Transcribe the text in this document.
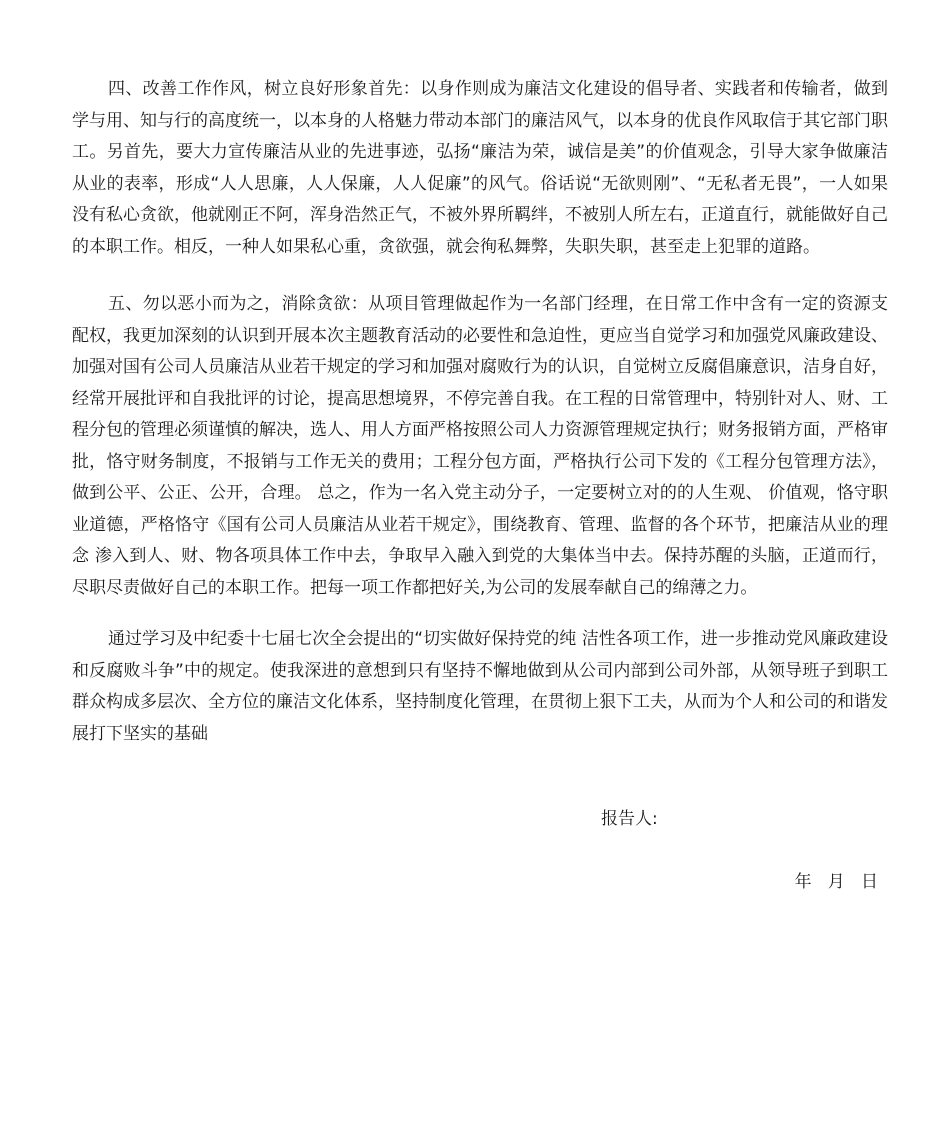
四、改善工作作风，树立良好形象首先：以身作则成为廉洁文化建设的倡导者、实践者和传输者，做到学与用、知与行的高度统一，以本身的人格魅力带动本部门的廉洁风气，以本身的优良作风取信于其它部门职工。另首先，要大力宣传廉洁从业的先进事迹，弘扬“廉洁为荣，诚信是美”的价值观念，引导大家争做廉洁从业的表率，形成“人人思廉，人人保廉，人人促廉”的风气。俗话说“无欲则刚”、“无私者无畏”，一人如果没有私心贪欲，他就刚正不阿，浑身浩然正气，不被外界所羁绊，不被别人所左右，正道直行，就能做好自己的本职工作。相反，一种人如果私心重，贪欲强，就会徇私舞弊，失职失职，甚至走上犯罪的道路。

五、勿以恶小而为之，消除贪欲：从项目管理做起作为一名部门经理，在日常工作中含有一定的资源支配权，我更加深刻的认识到开展本次主题教育活动的必要性和急迫性，更应当自觉学习和加强党风廉政建设、加强对国有公司人员廉洁从业若干规定的学习和加强对腐败行为的认识，自觉树立反腐倡廉意识，洁身自好，经常开展批评和自我批评的讨论，提高思想境界，不停完善自我。在工程的日常管理中，特别针对人、财、工程分包的管理必须谨慎的解决，选人、用人方面严格按照公司人力资源管理规定执行；财务报销方面，严格审批，恪守财务制度，不报销与工作无关的费用；工程分包方面，严格执行公司下发的《工程分包管理方法》，做到公平、公正、公开，合理。 总之，作为一名入党主动分子，一定要树立对的的人生观、 价值观，恪守职业道德，严格恪守《国有公司人员廉洁从业若干规定》，围绕教育、管理、监督的各个环节，把廉洁从业的理念 渗入到人、财、物各项具体工作中去，争取早入融入到党的大集体当中去。保持苏醒的头脑，正道而行，尽职尽责做好自己的本职工作。把每一项工作都把好关,为公司的发展奉献自己的绵薄之力。

通过学习及中纪委十七届七次全会提出的“切实做好保持党的纯 洁性各项工作，进一步推动党风廉政建设和反腐败斗争”中的规定。使我深进的意想到只有坚持不懈地做到从公司内部到公司外部，从领导班子到职工群众构成多层次、全方位的廉洁文化体系，坚持制度化管理，在贯彻上狠下工夫，从而为个人和公司的和谐发展打下坚实的基础

报告人:
年   月   日
